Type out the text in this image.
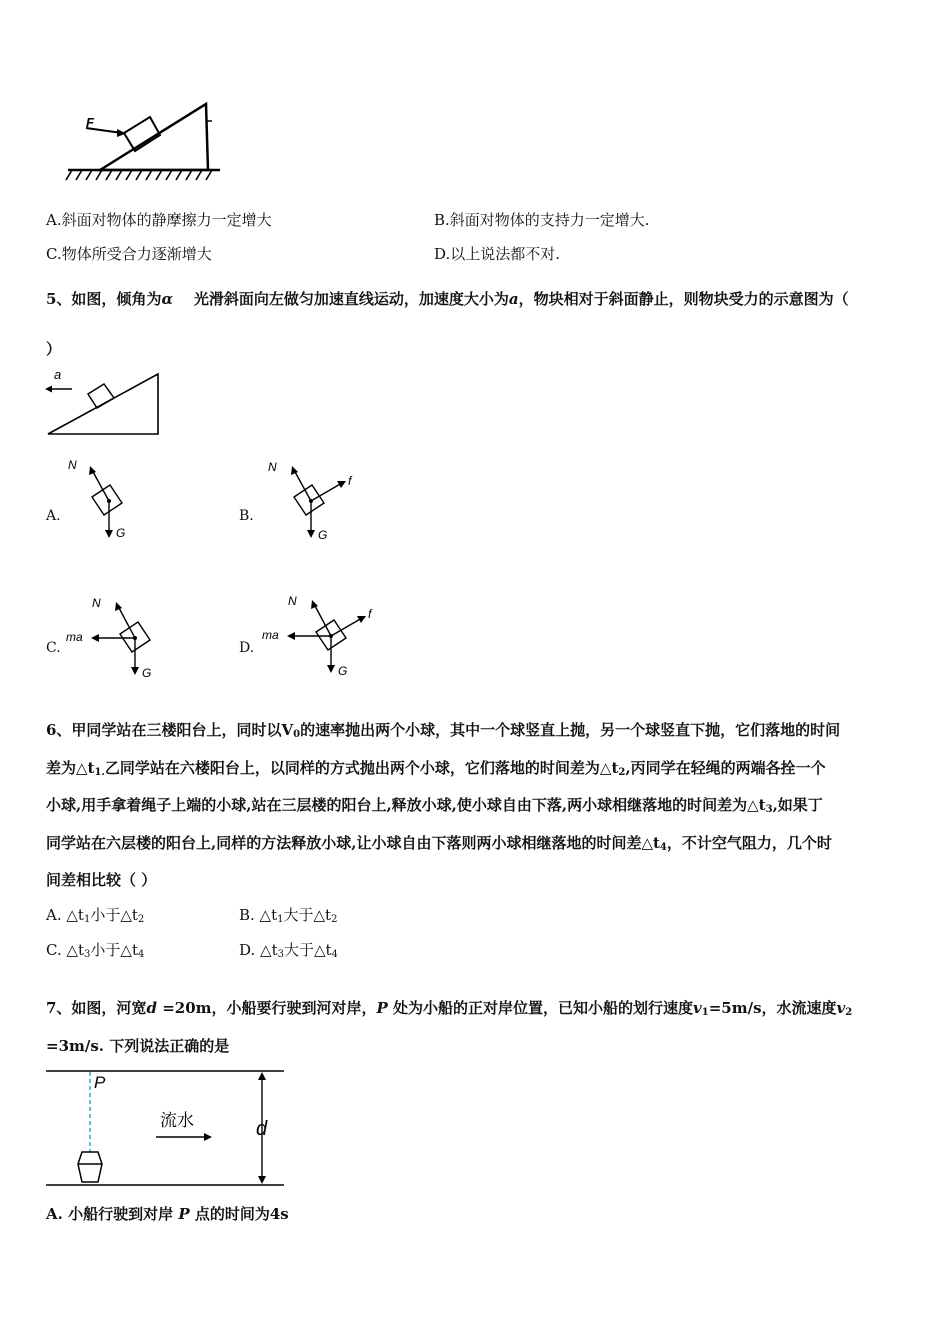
F
A.斜面对物体的静摩擦力一定增大	B.斜面对物体的支持力一定增大.
C.物体所受合力逐渐增大	D.以上说法都不对.
5、如图，倾角为α 光滑斜面向左做匀加速直线运动，加速度大小为a，物块相对于斜面静止，则物块受力的示意图为（
）
a
A.
N
G
B.
N
f
G
C.
N
ma
G
D.
N
ma
f
G
6、甲同学站在三楼阳台上，同时以$V_0$的速率抛出两个小球，其中一个球竖直上抛，另一个球竖直下抛，它们落地的时间
差为$\triangle t_{1.}$乙同学站在六楼阳台上，以同样的方式抛出两个小球，它们落地的时间差为$\triangle t_2$,丙同学在轻绳的两端各拴一个
小球,用手拿着绳子上端的小球,站在三层楼的阳台上,释放小球,使小球自由下落,两小球相继落地的时间差为$\triangle t_3$,如果丁
同学站在六层楼的阳台上,同样的方法释放小球,让小球自由下落则两小球相继落地的时间差$\triangle t_4$，不计空气阻力，几个时
间差相比较（ ）
A. $\triangle t_1$小于$\triangle t_2$	B. $\triangle t_1$大于$\triangle t_2$
C. $\triangle t_3$小于$\triangle t_4$	D. $\triangle t_3$大于$\triangle t_4$
7、如图，河宽d =20m，小船要行驶到河对岸，P 处为小船的正对岸位置，已知小船的划行速度$v_1=5m/s$，水流速度$v_2$
=3m/s. 下列说法正确的是
P
流水	d
A. 小船行驶到对岸 P 点的时间为4s
